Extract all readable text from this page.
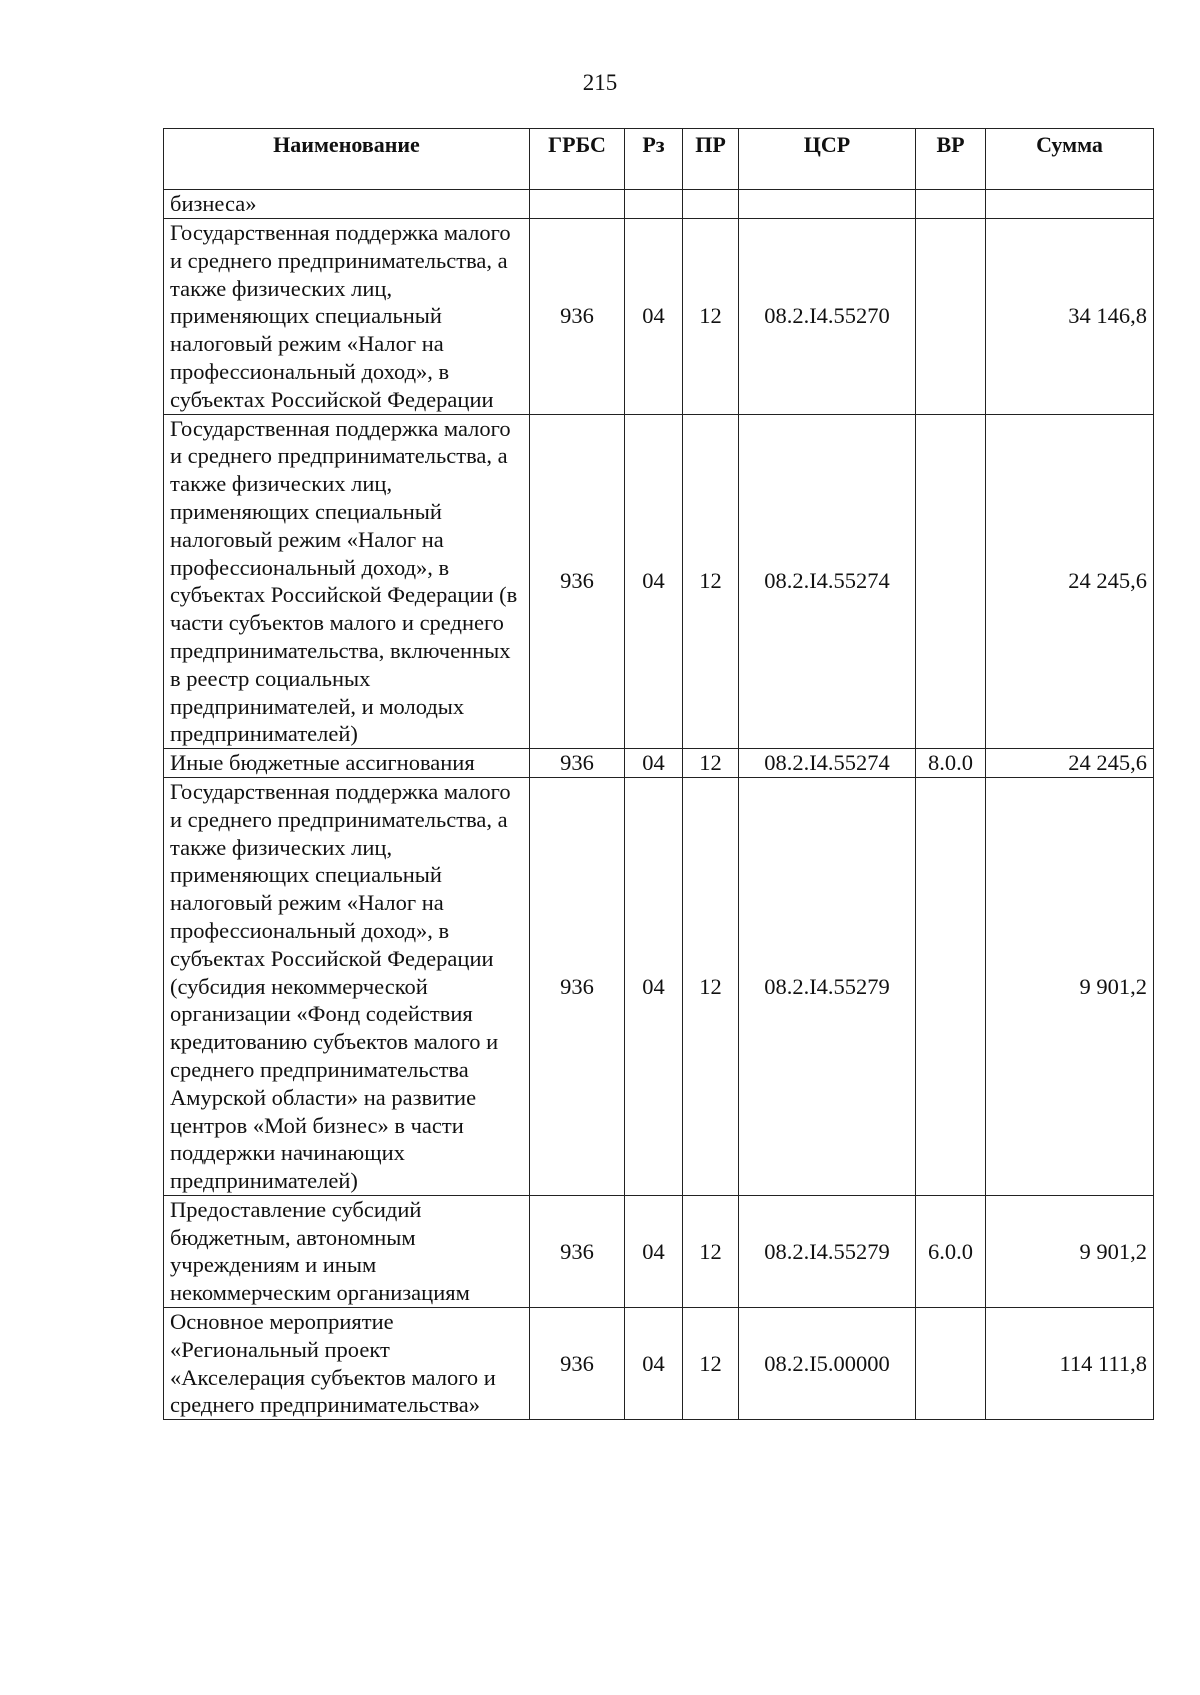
215
Наименование	ГРБС	Рз	ПР	ЦСР	ВР	Сумма
бизнеса»						
Государственная поддержка малого и среднего предпринимательства, а также физических лиц, применяющих специальный налоговый режим «Налог на профессиональный доход», в субъектах Российской Федерации	936	04	12	08.2.I4.55270		34 146,8
Государственная поддержка малого и среднего предпринимательства, а также физических лиц, применяющих специальный налоговый режим «Налог на профессиональный доход», в субъектах Российской Федерации (в части субъектов малого и среднего предпринимательства, включенных в реестр социальных предпринимателей, и молодых предпринимателей)	936	04	12	08.2.I4.55274		24 245,6
Иные бюджетные ассигнования	936	04	12	08.2.I4.55274	8.0.0	24 245,6
Государственная поддержка малого и среднего предпринимательства, а также физических лиц, применяющих специальный налоговый режим «Налог на профессиональный доход», в субъектах Российской Федерации (субсидия некоммерческой организации «Фонд содействия кредитованию субъектов малого и среднего предпринимательства Амурской области» на развитие центров «Мой бизнес» в части поддержки начинающих предпринимателей)	936	04	12	08.2.I4.55279		9 901,2
Предоставление субсидий бюджетным, автономным учреждениям и иным некоммерческим организациям	936	04	12	08.2.I4.55279	6.0.0	9 901,2
Основное мероприятие «Региональный проект «Акселерация субъектов малого и среднего предпринимательства»	936	04	12	08.2.I5.00000		114 111,8
